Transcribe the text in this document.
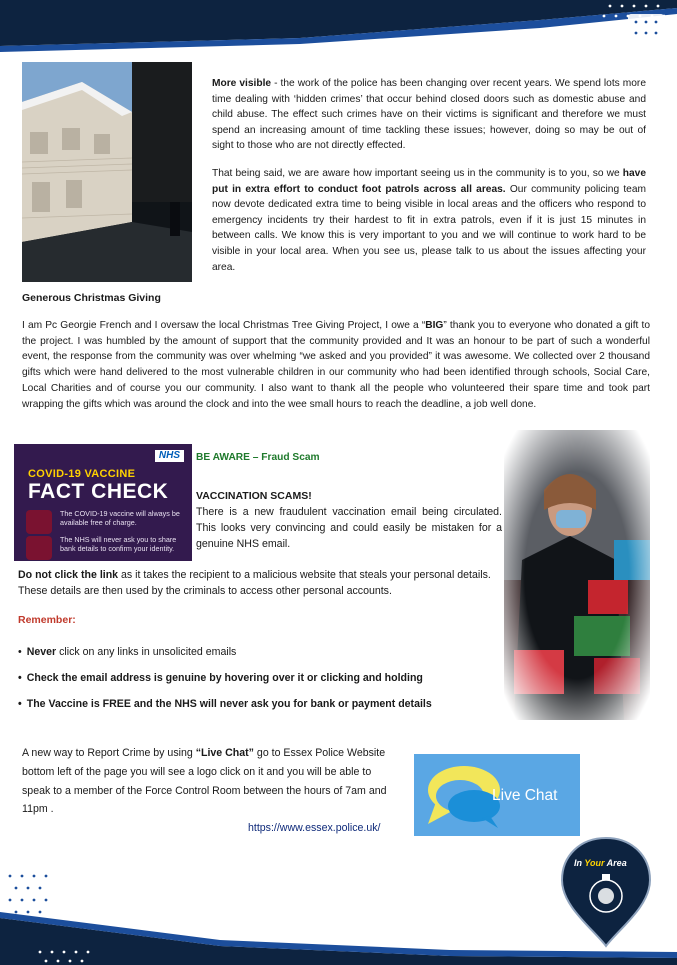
More visible - the work of the police has been changing over recent years. We spend lots more time dealing with ‘hidden crimes’ that occur behind closed doors such as domestic abuse and child abuse. The effect such crimes have on their victims is significant and therefore we must spend an increasing amount of time tackling these issues; however, doing so may be out of sight to those who are not directly effected.

That being said, we are aware how important seeing us in the community is to you, so we have put in extra effort to conduct foot patrols across all areas. Our community policing team now devote dedicated extra time to being visible in local areas and the officers who respond to emergency incidents try their hardest to fit in extra patrols, even if it is just 15 minutes in between calls. We know this is very important to you and we will continue to work hard to be visible in your local area. When you see us, please talk to us about the issues affecting your area.

Generous Christmas Giving

I am Pc Georgie French and I oversaw the local Christmas Tree Giving Project, I owe a “BIG” thank you to everyone who donated a gift to the project. I was humbled by the amount of support that the community provided and It was an honour to be part of such a wonderful event, the response from the community was over whelming “we asked and you provided” it was awesome. We collected over 2 thousand gifts which were hand delivered to the most vulnerable children in our community who had been identified through schools, Social Care, Local Charities and of course you our community. I also want to thank all the people who volunteered their spare time and took part wrapping the gifts which was around the clock and into the wee small hours to reach the deadline, a job well done.

NHS
COVID-19 VACCINE
FACT CHECK
The COVID-19 vaccine will always be available free of charge.
The NHS will never ask you to share bank details to confirm your identity.
BE AWARE – Fraud Scam
VACCINATION SCAMS!

There is a new fraudulent vaccination email being circulated. This looks very convincing and could easily be mistaken for a genuine NHS email.

Do not click the link as it takes the recipient to a malicious website that steals your personal details. These details are then used by the criminals to access other personal accounts.

Remember:
• Never click on any links in unsolicited emails
• Check the email address is genuine by hovering over it or clicking and holding
• The Vaccine is FREE and the NHS will never ask you for bank or payment details

A new way to Report Crime by using “Live Chat” go to Essex Police Website bottom left of the page you will see a logo click on it and you will be able to speak to a member of the Force Control Room between the hours of 7am and 11pm .

https://www.essex.police.uk/
Live Chat
In Your Area
